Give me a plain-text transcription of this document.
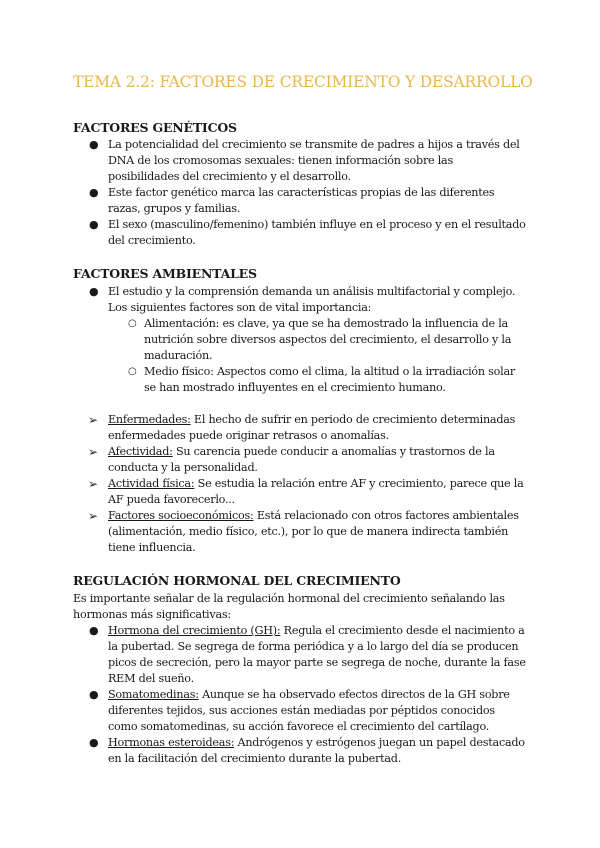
TEMA 2.2: FACTORES DE CRECIMIENTO Y DESARROLLO
FACTORES GENÉTICOS
● La potencialidad del crecimiento se transmite de padres a hijos a través del DNA de los cromosomas sexuales: tienen información sobre las posibilidades del crecimiento y el desarrollo.
● Este factor genético marca las características propias de las diferentes razas, grupos y familias.
● El sexo (masculino/femenino) también influye en el proceso y en el resultado del crecimiento.
FACTORES AMBIENTALES
● El estudio y la comprensión demanda un análisis multifactorial y complejo. Los siguientes factores son de vital importancia:
○ Alimentación: es clave, ya que se ha demostrado la influencia de la nutrición sobre diversos aspectos del crecimiento, el desarrollo y la maduración.
○ Medio físico: Aspectos como el clima, la altitud o la irradiación solar se han mostrado influyentes en el crecimiento humano.
➢ Enfermedades: El hecho de sufrir en periodo de crecimiento determinadas enfermedades puede originar retrasos o anomalías.
➢ Afectividad: Su carencia puede conducir a anomalías y trastornos de la conducta y la personalidad.
➢ Actividad física: Se estudia la relación entre AF y crecimiento, parece que la AF pueda favorecerlo...
➢ Factores socioeconómicos: Está relacionado con otros factores ambientales (alimentación, medio físico, etc.), por lo que de manera indirecta también tiene influencia.
REGULACIÓN HORMONAL DEL CRECIMIENTO
Es importante señalar de la regulación hormonal del crecimiento señalando las hormonas más significativas:
● Hormona del crecimiento (GH): Regula el crecimiento desde el nacimiento a la pubertad. Se segrega de forma periódica y a lo largo del día se producen picos de secreción, pero la mayor parte se segrega de noche, durante la fase REM del sueño.
● Somatomedinas: Aunque se ha observado efectos directos de la GH sobre diferentes tejidos, sus acciones están mediadas por péptidos conocidos como somatomedinas, su acción favorece el crecimiento del cartílago.
● Hormonas esteroideas: Andrógenos y estrógenos juegan un papel destacado en la facilitación del crecimiento durante la pubertad.
